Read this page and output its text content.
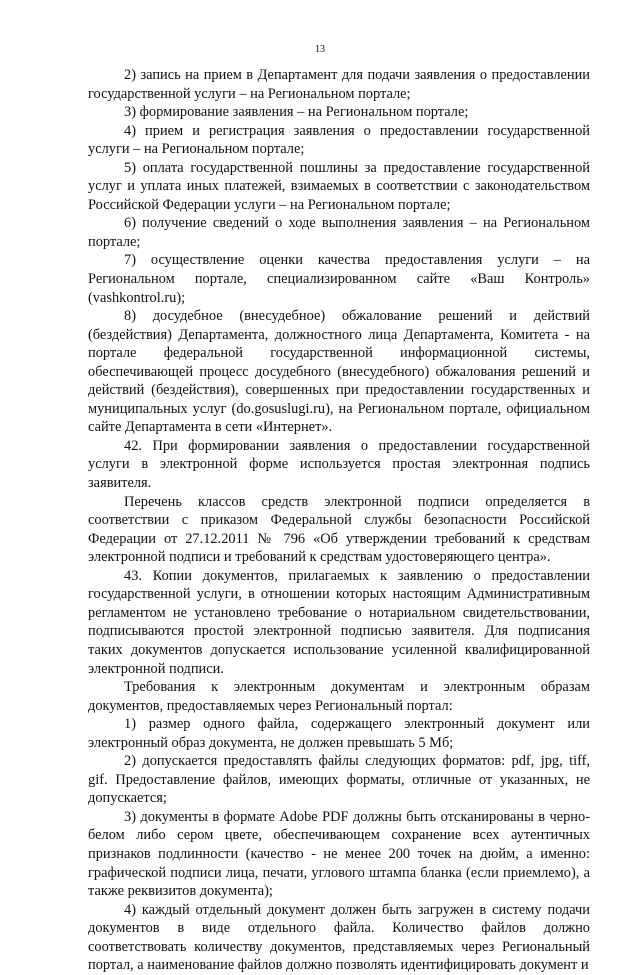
13

2) запись на прием в Департамент для подачи заявления о предоставлении государственной услуги – на Региональном портале;

3) формирование заявления – на Региональном портале;

4) прием и регистрация заявления о предоставлении государственной услуги – на Региональном портале;

5) оплата государственной пошлины за предоставление государственной услуг и уплата иных платежей, взимаемых в соответствии с законодательством Российской Федерации услуги – на Региональном портале;

6) получение сведений о ходе выполнения заявления – на Региональном портале;

7) осуществление оценки качества предоставления услуги – на Региональном портале, специализированном сайте «Ваш Контроль» (vashkontrol.ru);

8) досудебное (внесудебное) обжалование решений и действий (бездействия) Департамента, должностного лица Департамента, Комитета - на портале федеральной государственной информационной системы, обеспечивающей процесс досудебного (внесудебного) обжалования решений и действий (бездействия), совершенных при предоставлении государственных и муниципальных услуг (do.gosuslugi.ru), на Региональном портале, официальном сайте Департамента в сети «Интернет».

42. При формировании заявления о предоставлении государственной услуги в электронной форме используется простая электронная подпись заявителя.

Перечень классов средств электронной подписи определяется в соответствии с приказом Федеральной службы безопасности Российской Федерации от 27.12.2011 № 796 «Об утверждении требований к средствам электронной подписи и требований к средствам удостоверяющего центра».

43. Копии документов, прилагаемых к заявлению о предоставлении государственной услуги, в отношении которых настоящим Административным регламентом не установлено требование о нотариальном свидетельствовании, подписываются простой электронной подписью заявителя. Для подписания таких документов допускается использование усиленной квалифицированной электронной подписи.

Требования к электронным документам и электронным образам документов, предоставляемых через Региональный портал:

1) размер одного файла, содержащего электронный документ или электронный образ документа, не должен превышать 5 Мб;

2) допускается предоставлять файлы следующих форматов: pdf, jpg, tiff, gif. Предоставление файлов, имеющих форматы, отличные от указанных, не допускается;

3) документы в формате Adobe PDF должны быть отсканированы в черно-белом либо сером цвете, обеспечивающем сохранение всех аутентичных признаков подлинности (качество - не менее 200 точек на дюйм, а именно: графической подписи лица, печати, углового штампа бланка (если приемлемо), а также реквизитов документа);

4) каждый отдельный документ должен быть загружен в систему подачи документов в виде отдельного файла. Количество файлов должно соответствовать количеству документов, представляемых через Региональный портал, а наименование файлов должно позволять идентифицировать документ и
